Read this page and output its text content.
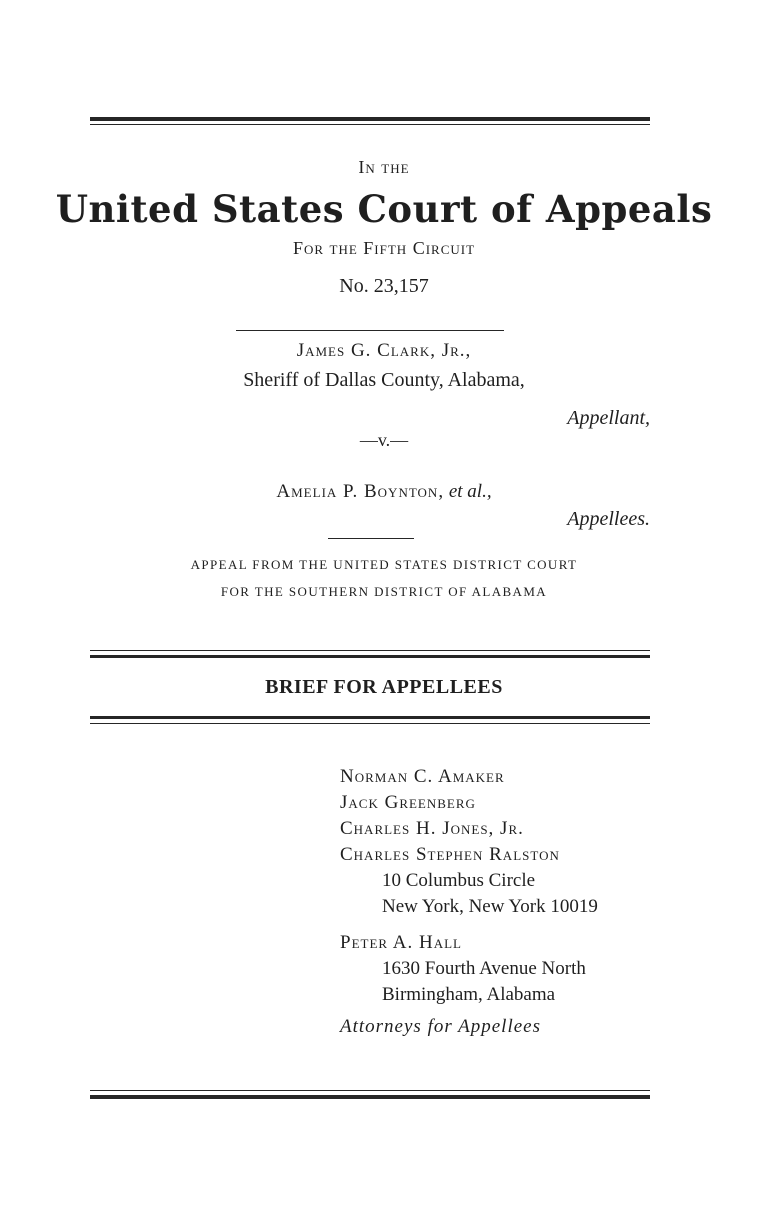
In the
United States Court of Appeals
For the Fifth Circuit
No. 23,157
James G. Clark, Jr.,
Sheriff of Dallas County, Alabama,
Appellant,
—v.—
Amelia P. Boynton, et al.,
Appellees.
APPEAL FROM THE UNITED STATES DISTRICT COURT
FOR THE SOUTHERN DISTRICT OF ALABAMA
BRIEF FOR APPELLEES
Norman C. Amaker
Jack Greenberg
Charles H. Jones, Jr.
Charles Stephen Ralston
10 Columbus Circle
New York, New York 10019
Peter A. Hall
1630 Fourth Avenue North
Birmingham, Alabama
Attorneys for Appellees
